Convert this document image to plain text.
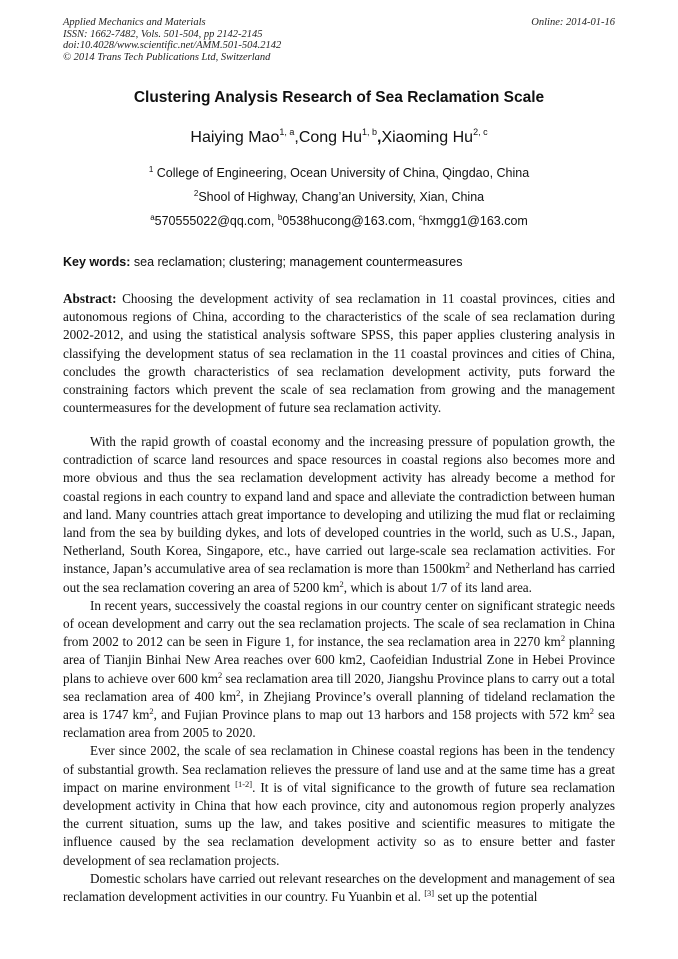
Applied Mechanics and Materials
ISSN: 1662-7482, Vols. 501-504, pp 2142-2145
doi:10.4028/www.scientific.net/AMM.501-504.2142
© 2014 Trans Tech Publications Ltd, Switzerland
Online: 2014-01-16
Clustering Analysis Research of Sea Reclamation Scale
Haiying Mao$^{1, a}$,Cong Hu$^{1, b}$,Xiaoming Hu$^{2, c}$
$^1$ College of Engineering, Ocean University of China, Qingdao, China
$^2$Shool of Highway, Chang’an University, Xian, China
$^a$570555022@qq.com, $^b$0538hucong@163.com, $^c$hxmgg1@163.com
Key words: sea reclamation; clustering; management countermeasures

Abstract: Choosing the development activity of sea reclamation in 11 coastal provinces, cities and autonomous regions of China, according to the characteristics of the scale of sea reclamation during 2002-2012, and using the statistical analysis software SPSS, this paper applies clustering analysis in classifying the development status of sea reclamation in the 11 coastal provinces and cities of China, concludes the growth characteristics of sea reclamation development activity, puts forward the constraining factors which prevent the scale of sea reclamation from growing and the management countermeasures for the development of future sea reclamation activity.

With the rapid growth of coastal economy and the increasing pressure of population growth, the contradiction of scarce land resources and space resources in coastal regions also becomes more and more obvious and thus the sea reclamation development activity has already become a method for coastal regions in each country to expand land and space and alleviate the contradiction between human and land. Many countries attach great importance to developing and utilizing the mud flat or reclaiming land from the sea by building dykes, and lots of developed countries in the world, such as U.S., Japan, Netherland, South Korea, Singapore, etc., have carried out large-scale sea reclamation activities. For instance, Japan’s accumulative area of sea reclamation is more than $1500km^2$ and Netherland has carried out the sea reclamation covering an area of 5200 $km^2$, which is about 1/7 of its land area.

In recent years, successively the coastal regions in our country center on significant strategic needs of ocean development and carry out the sea reclamation projects. The scale of sea reclamation in China from 2002 to 2012 can be seen in Figure 1, for instance, the sea reclamation area in 2270 $km^2$ planning area of Tianjin Binhai New Area reaches over 600 km2, Caofeidian Industrial Zone in Hebei Province plans to achieve over 600 $km^2$ sea reclamation area till 2020, Jiangshu Province plans to carry out a total sea reclamation area of 400 $km^2$, in Zhejiang Province’s overall planning of tideland reclamation the area is 1747 $km^2$, and Fujian Province plans to map out 13 harbors and 158 projects with 572 $km^2$ sea reclamation area from 2005 to 2020.

Ever since 2002, the scale of sea reclamation in Chinese coastal regions has been in the tendency of substantial growth. Sea reclamation relieves the pressure of land use and at the same time has a great impact on marine environment [1-2]. It is of vital significance to the growth of future sea reclamation development activity in China that how each province, city and autonomous region properly analyzes the current situation, sums up the law, and takes positive and scientific measures to mitigate the influence caused by the sea reclamation development activity so as to ensure better and faster development of sea reclamation projects.

Domestic scholars have carried out relevant researches on the development and management of sea reclamation development activities in our country. Fu Yuanbin et al. [3] set up the potential
